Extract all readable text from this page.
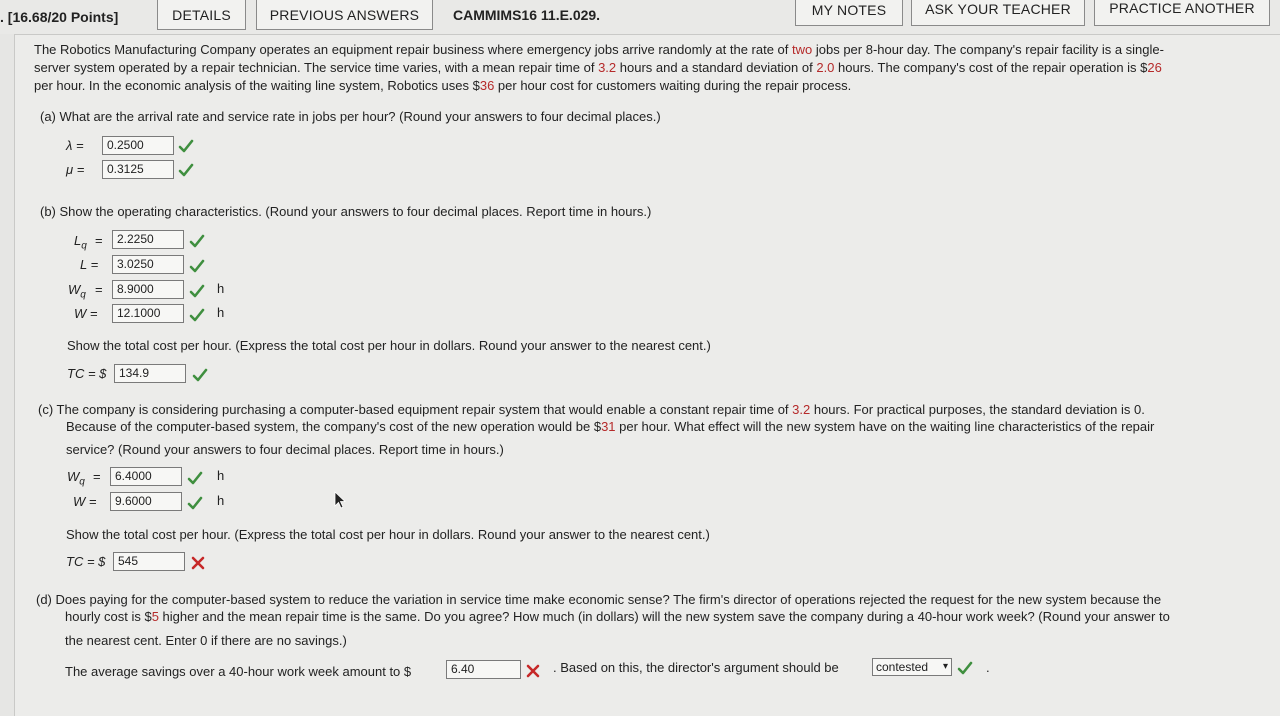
. [16.68/20 Points]	DETAILS	PREVIOUS ANSWERS	CAMMIMS16 11.E.029.	MY NOTES	ASK YOUR TEACHER	PRACTICE ANOTHER
The Robotics Manufacturing Company operates an equipment repair business where emergency jobs arrive randomly at the rate of two jobs per 8-hour day. The company's repair facility is a single-
server system operated by a repair technician. The service time varies, with a mean repair time of 3.2 hours and a standard deviation of 2.0 hours. The company's cost of the repair operation is $26
per hour. In the economic analysis of the waiting line system, Robotics uses $36 per hour cost for customers waiting during the repair process.
(a) What are the arrival rate and service rate in jobs per hour? (Round your answers to four decimal places.)
λ =	0.2500
μ =	0.3125
(b) Show the operating characteristics. (Round your answers to four decimal places. Report time in hours.)
$L_q$ =	2.2250
L =	3.0250
$W_q$ =	8.9000	h
W =	12.1000	h
Show the total cost per hour. (Express the total cost per hour in dollars. Round your answer to the nearest cent.)
TC = $	134.9
(c) The company is considering purchasing a computer-based equipment repair system that would enable a constant repair time of 3.2 hours. For practical purposes, the standard deviation is 0.
Because of the computer-based system, the company's cost of the new operation would be $31 per hour. What effect will the new system have on the waiting line characteristics of the repair
service? (Round your answers to four decimal places. Report time in hours.)
$W_q$ =	6.4000	h
W =	9.6000	h
Show the total cost per hour. (Express the total cost per hour in dollars. Round your answer to the nearest cent.)
TC = $	545
(d) Does paying for the computer-based system to reduce the variation in service time make economic sense? The firm's director of operations rejected the request for the new system because the
hourly cost is $5 higher and the mean repair time is the same. Do you agree? How much (in dollars) will the new system save the company during a 40-hour work week? (Round your answer to
the nearest cent. Enter 0 if there are no savings.)
The average savings over a 40-hour work week amount to $	6.40	. Based on this, the director's argument should be	contested ▾	.
